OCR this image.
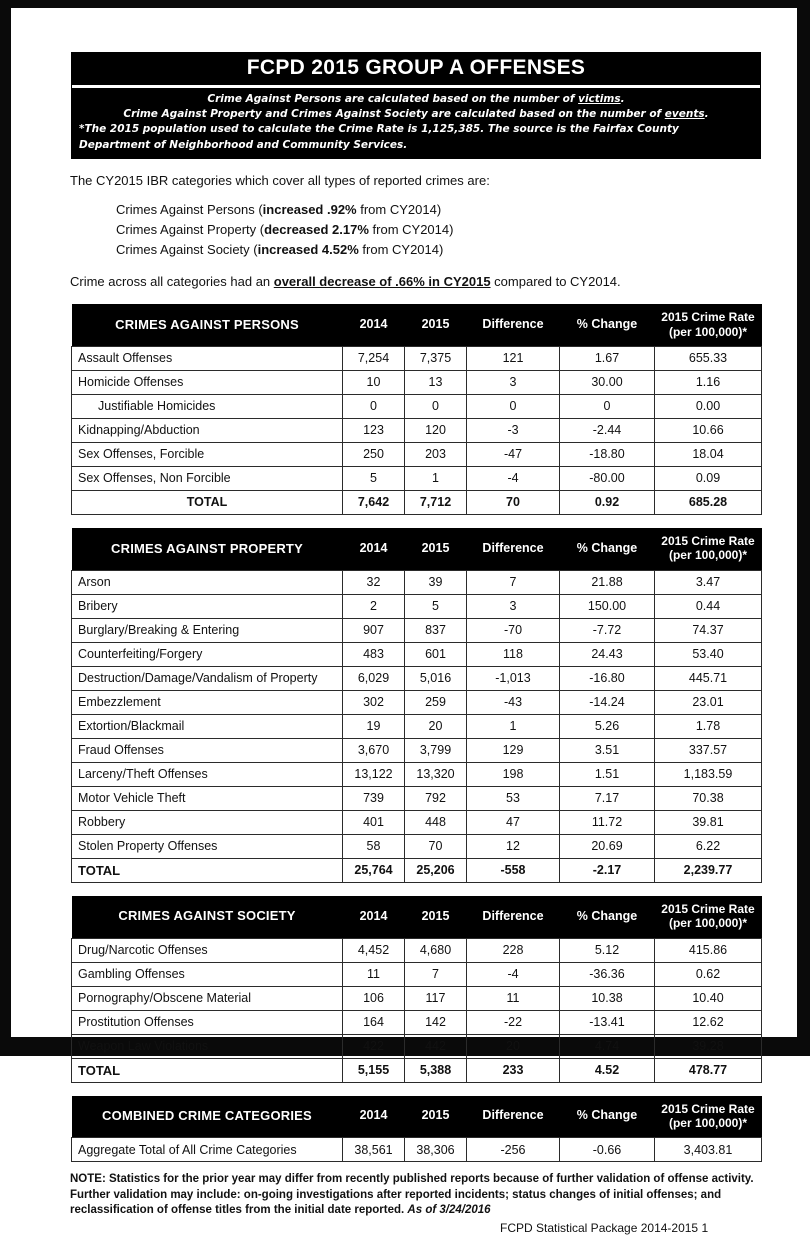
FCPD 2015 GROUP A OFFENSES
Crime Against Persons are calculated based on the number of victims.
Crime Against Property and Crimes Against Society are calculated based on the number of events.
*The 2015 population used to calculate the Crime Rate is 1,125,385. The source is the Fairfax County Department of Neighborhood and Community Services.
The CY2015 IBR categories which cover all types of reported crimes are:
Crimes Against Persons (increased .92% from CY2014)
Crimes Against Property (decreased 2.17% from CY2014)
Crimes Against Society (increased 4.52% from CY2014)
Crime across all categories had an overall decrease of .66% in CY2015 compared to CY2014.
CRIMES AGAINST PERSONS	2014	2015	Difference	% Change	2015 Crime Rate
(per 100,000)*

Assault Offenses	7,254	7,375	121	1.67	655.33
Homicide Offenses	10	13	3	30.00	1.16
Justifiable Homicides	0	0	0	0	0.00
Kidnapping/Abduction	123	120	-3	-2.44	10.66
Sex Offenses, Forcible	250	203	-47	-18.80	18.04
Sex Offenses, Non Forcible	5	1	-4	-80.00	0.09
TOTAL	7,642	7,712	70	0.92	685.28
CRIMES AGAINST PROPERTY	2014	2015	Difference	% Change	2015 Crime Rate
(per 100,000)*

Arson	32	39	7	21.88	3.47
Bribery	2	5	3	150.00	0.44
Burglary/Breaking & Entering	907	837	-70	-7.72	74.37
Counterfeiting/Forgery	483	601	118	24.43	53.40
Destruction/Damage/Vandalism of Property	6,029	5,016	-1,013	-16.80	445.71
Embezzlement	302	259	-43	-14.24	23.01
Extortion/Blackmail	19	20	1	5.26	1.78
Fraud Offenses	3,670	3,799	129	3.51	337.57
Larceny/Theft Offenses	13,122	13,320	198	1.51	1,183.59
Motor Vehicle Theft	739	792	53	7.17	70.38
Robbery	401	448	47	11.72	39.81
Stolen Property Offenses	58	70	12	20.69	6.22
TOTAL	25,764	25,206	-558	-2.17	2,239.77
CRIMES AGAINST SOCIETY	2014	2015	Difference	% Change	2015 Crime Rate
(per 100,000)*

Drug/Narcotic Offenses	4,452	4,680	228	5.12	415.86
Gambling Offenses	11	7	-4	-36.36	0.62
Pornography/Obscene Material	106	117	11	10.38	10.40
Prostitution Offenses	164	142	-22	-13.41	12.62
Weapon Law Violations	422	442	20	4.74	39.28
TOTAL	5,155	5,388	233	4.52	478.77
COMBINED CRIME CATEGORIES	2014	2015	Difference	% Change	2015 Crime Rate
(per 100,000)*

Aggregate Total of All Crime Categories	38,561	38,306	-256	-0.66	3,403.81
NOTE: Statistics for the prior year may differ from recently published reports because of further validation of offense activity. Further validation may include: on-going investigations after reported incidents; status changes of initial offenses; and reclassification of offense titles from the initial date reported. As of 3/24/2016
FCPD Statistical Package 2014-2015 1
